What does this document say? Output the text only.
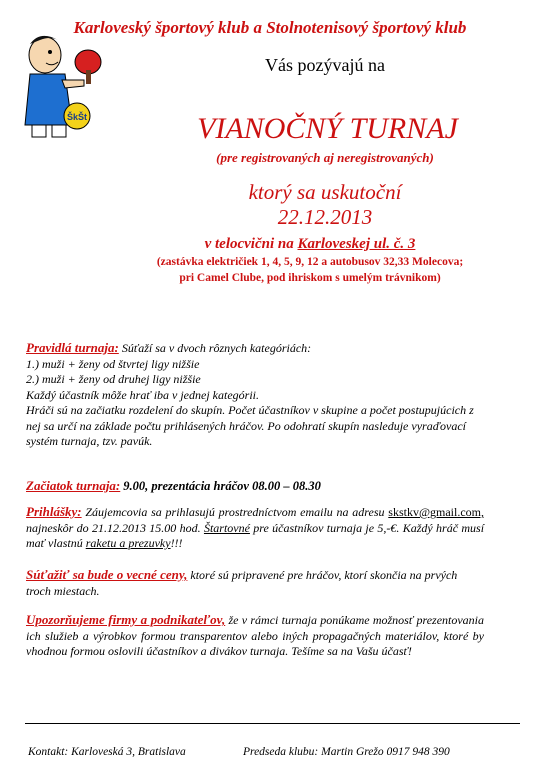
ŠkŠt
Karloveský športový klub a Stolnotenisový športový klub
Vás pozývajú na
VIANOČNÝ TURNAJ
(pre registrovaných aj neregistrovaných)
ktorý sa uskutoční
22.12.2013
v telocvični na Karloveskej ul. č. 3
(zastávka električiek 1, 4, 5, 9, 12 a autobusov 32,33 Molecova;
pri Camel Clube, pod ihriskom s umelým trávnikom)
Pravidlá turnaja: Súťaží sa v dvoch rôznych kategóriách:
1.) muži + ženy od štvrtej ligy nižšie
2.) muži + ženy od druhej ligy nižšie
Každý účastník môže hrať iba v jednej kategórii.
Hráči sú na začiatku rozdelení do skupín. Počet účastníkov v skupine a počet postupujúcich z nej sa určí na základe počtu prihlásených hráčov. Po odohratí skupín nasleduje vyraďovací systém turnaja, tzv. pavúk.
Začiatok turnaja: 9.00, prezentácia hráčov 08.00 – 08.30
Prihlášky: Záujemcovia sa prihlasujú prostredníctvom emailu na adresu skstkv@gmail.com, najneskôr do 21.12.2013 15.00 hod. Štartovné pre účastníkov turnaja je 5,-€. Každý hráč musí mať vlastnú raketu a prezuvky!!!
Súťažiť sa bude o vecné ceny, ktoré sú pripravené pre hráčov, ktorí skončia na prvých troch miestach.
Upozorňujeme firmy a podnikateľov, že v rámci turnaja ponúkame možnosť prezentovania ich služieb a výrobkov formou transparentov alebo iných propagačných materiálov, ktoré by vhodnou formou oslovili účastníkov a divákov turnaja. Tešíme sa na Vašu účasť!
Kontakt: Karloveská 3, Bratislava	Predseda klubu: Martin Grežo 0917 948 390
